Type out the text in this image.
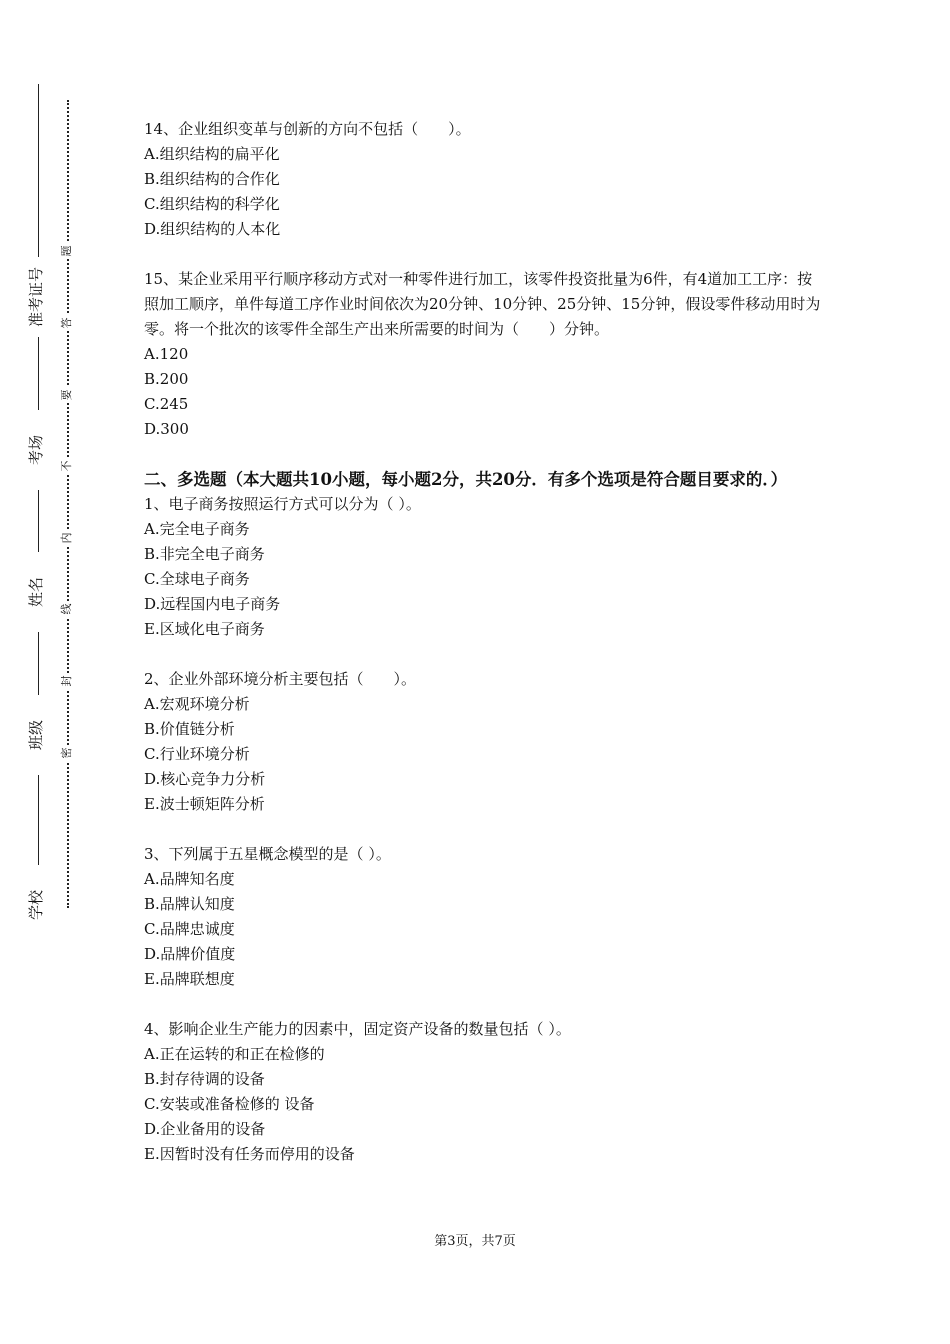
准考证号
考场
姓名
班级
学校
题
答
要
不
内
线
封
密

14、企业组织变革与创新的方向不包括（　　）。

A.组织结构的扁平化

B.组织结构的合作化

C.组织结构的科学化

D.组织结构的人本化

15、某企业采用平行顺序移动方式对一种零件进行加工，该零件投资批量为6件，有4道加工工序：按照加工顺序，单件每道工序作业时间依次为20分钟、10分钟、25分钟、15分钟，假设零件移动用时为零。将一个批次的该零件全部生产出来所需要的时间为（　　）分钟。

A.120

B.200

C.245

D.300

二、多选题（本大题共10小题，每小题2分，共20分．有多个选项是符合题目要求的．）

1、电子商务按照运行方式可以分为（ ）。

A.完全电子商务

B.非完全电子商务

C.全球电子商务

D.远程国内电子商务

E.区域化电子商务

2、企业外部环境分析主要包括（　　）。

A.宏观环境分析

B.价值链分析

C.行业环境分析

D.核心竞争力分析

E.波士顿矩阵分析

3、下列属于五星概念模型的是（ ）。

A.品牌知名度

B.品牌认知度

C.品牌忠诚度

D.品牌价值度

E.品牌联想度

4、影响企业生产能力的因素中，固定资产设备的数量包括（ ）。

A.正在运转的和正在检修的

B.封存待调的设备

C.安装或准备检修的 设备

D.企业备用的设备

E.因暂时没有任务而停用的设备

第3页，共7页
